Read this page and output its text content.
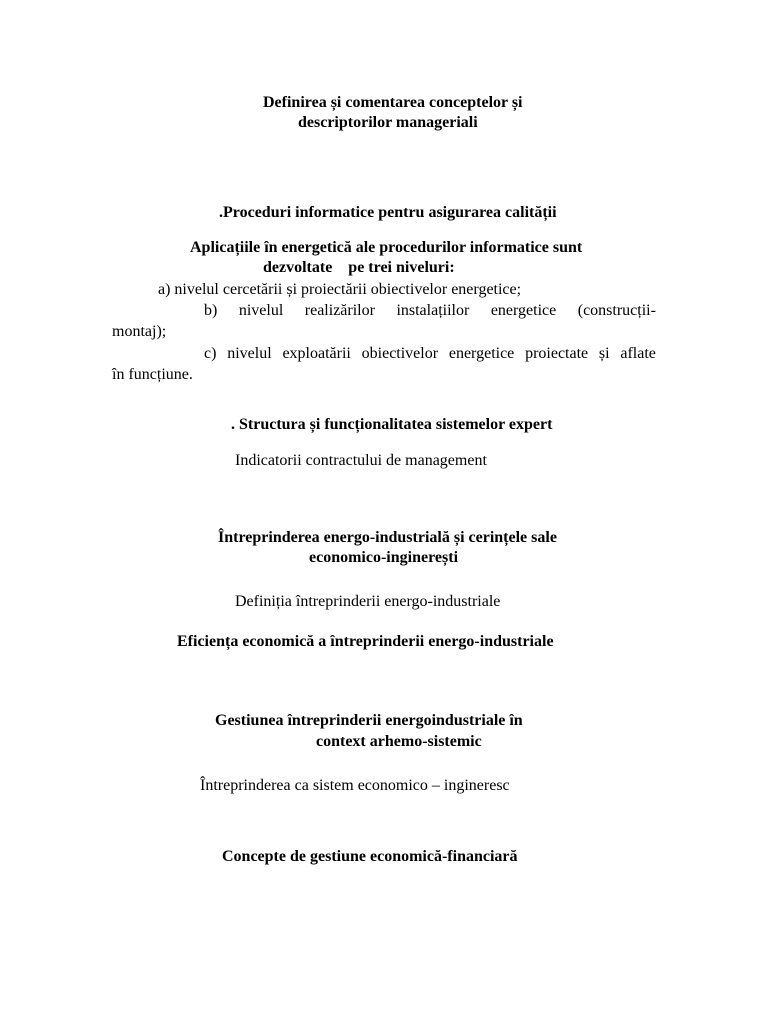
Definirea și comentarea conceptelor și
descriptorilor manageriali
.Proceduri informatice pentru asigurarea calității
Aplicațiile în energetică ale procedurilor informatice sunt
dezvoltate    pe trei niveluri:
a) nivelul cercetării și proiectării obiectivelor energetice;
b) nivelul realizărilor instalațiilor energetice (construcții-
montaj);
c) nivelul exploatării obiectivelor energetice proiectate și aflate
în funcțiune.
. Structura și funcționalitatea sistemelor expert
Indicatorii contractului de management
Întreprinderea energo-industrială și cerințele sale
economico-inginerești
Definiția întreprinderii energo-industriale
Eficiența economică a întreprinderii energo-industriale
Gestiunea întreprinderii energoindustriale în
context arhemo-sistemic
Întreprinderea ca sistem economico – ingineresc
Concepte de gestiune economică-financiară
